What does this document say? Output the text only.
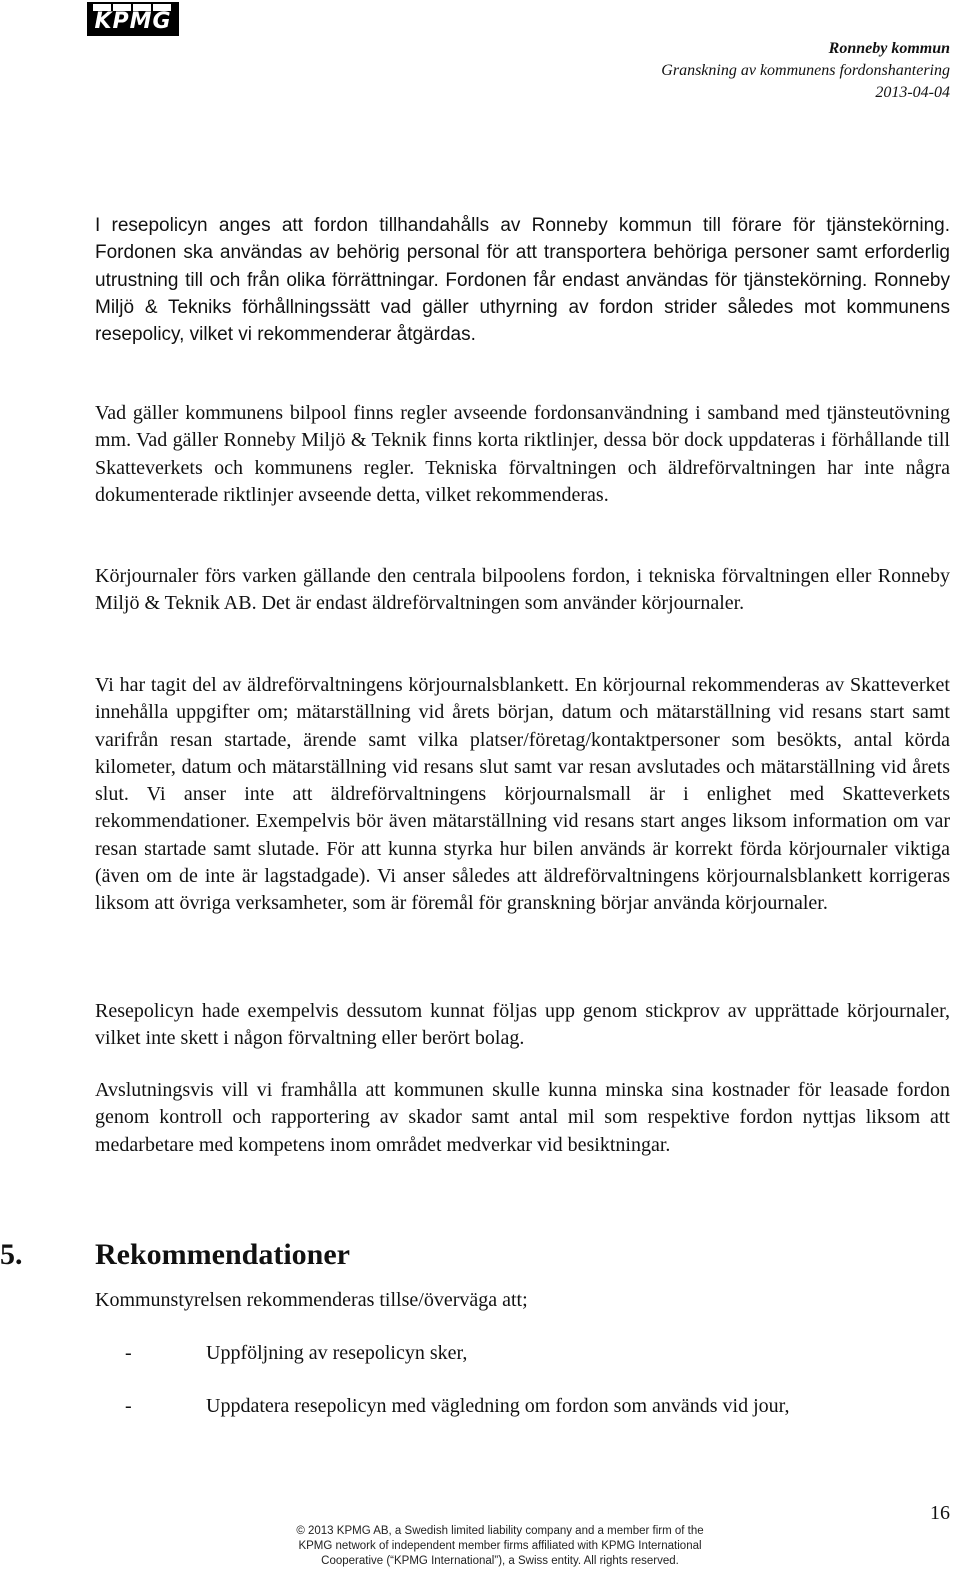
KPMG
Ronneby kommun
Granskning av kommunens fordonshantering
2013-04-04

I resepolicyn anges att fordon tillhandahålls av Ronneby kommun till förare för tjänstekörning. Fordonen ska användas av behörig personal för att transportera behöriga personer samt erforderlig utrustning till och från olika förrättningar. Fordonen får endast användas för tjänstekörning. Ronneby Miljö & Tekniks förhållningssätt vad gäller uthyrning av fordon strider således mot kommunens resepolicy, vilket vi rekommenderar åtgärdas.

Vad gäller kommunens bilpool finns regler avseende fordonsanvändning i samband med tjänsteutövning mm. Vad gäller Ronneby Miljö & Teknik finns korta riktlinjer, dessa bör dock uppdateras i förhållande till Skatteverkets och kommunens regler. Tekniska förvaltningen och äldreförvaltningen har inte några dokumenterade riktlinjer avseende detta, vilket rekommenderas.

Körjournaler förs varken gällande den centrala bilpoolens fordon, i tekniska förvaltningen eller Ronneby Miljö & Teknik AB. Det är endast äldreförvaltningen som använder körjournaler.

Vi har tagit del av äldreförvaltningens körjournalsblankett. En körjournal rekommenderas av Skatteverket innehålla uppgifter om; mätarställning vid årets början, datum och mätarställning vid resans start samt varifrån resan startade, ärende samt vilka platser/företag/kontaktpersoner som besökts, antal körda kilometer, datum och mätarställning vid resans slut samt var resan avslutades och mätarställning vid årets slut. Vi anser inte att äldreförvaltningens körjournalsmall är i enlighet med Skatteverkets rekommendationer. Exempelvis bör även mätarställning vid resans start anges liksom information om var resan startade samt slutade. För att kunna styrka hur bilen används är korrekt förda körjournaler viktiga (även om de inte är lagstadgade). Vi anser således att äldreförvaltningens körjournalsblankett korrigeras liksom att övriga verksamheter, som är föremål för granskning börjar använda körjournaler.

Resepolicyn hade exempelvis dessutom kunnat följas upp genom stickprov av upprättade körjournaler, vilket inte skett i någon förvaltning eller berört bolag.

Avslutningsvis vill vi framhålla att kommunen skulle kunna minska sina kostnader för leasade fordon genom kontroll och rapportering av skador samt antal mil som respektive fordon nyttjas liksom att medarbetare med kompetens inom området medverkar vid besiktningar.

5. Rekommendationer
Kommunstyrelsen rekommenderas tillse/överväga att;
-	Uppföljning av resepolicyn sker,
-	Uppdatera resepolicyn med vägledning om fordon som används vid jour,
16
© 2013 KPMG AB, a Swedish limited liability company and a member firm of the
KPMG network of independent member firms affiliated with KPMG International
Cooperative (“KPMG International”), a Swiss entity. All rights reserved.
